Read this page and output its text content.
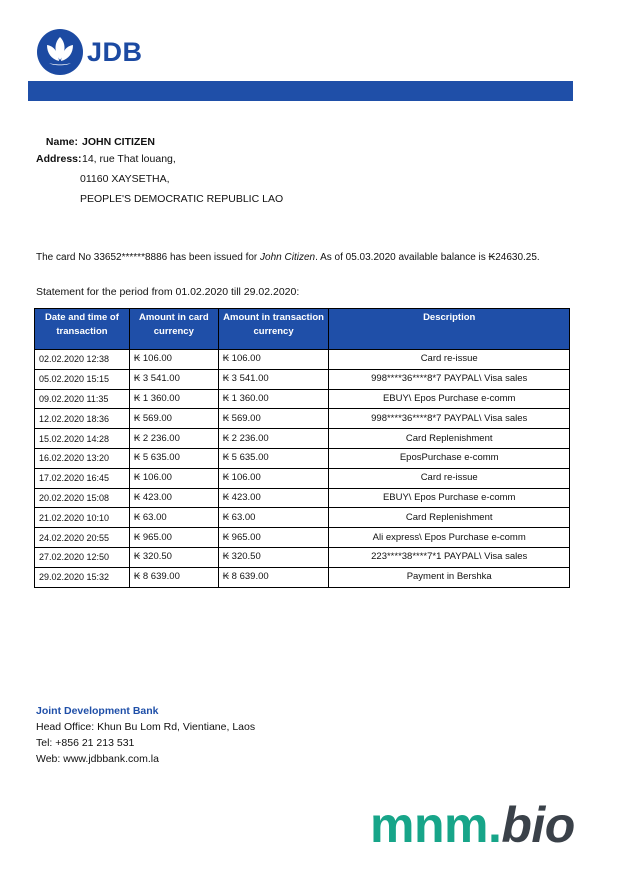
JDB
Name: JOHN CITIZEN
Address: 14, rue That louang,
01160 XAYSETHA,
PEOPLE'S DEMOCRATIC REPUBLIC LAO
The card No 33652******8886 has been issued for John Citizen. As of 05.03.2020 available balance is ₭24630.25.
Statement for the period from 01.02.2020 till 29.02.2020:
Date and time of transaction	Amount in card currency	Amount in transaction currency	Description
02.02.2020 12:38	₭ 106.00	₭ 106.00	Card re-issue
05.02.2020 15:15	₭ 3 541.00	₭ 3 541.00	998****36****8*7 PAYPAL\ Visa sales
09.02.2020 11:35	₭ 1 360.00	₭ 1 360.00	EBUY\ Epos Purchase e-comm
12.02.2020 18:36	₭ 569.00	₭ 569.00	998****36****8*7 PAYPAL\ Visa sales
15.02.2020 14:28	₭ 2 236.00	₭ 2 236.00	Card Replenishment
16.02.2020 13:20	₭ 5 635.00	₭ 5 635.00	EposPurchase e-comm
17.02.2020 16:45	₭ 106.00	₭ 106.00	Card re-issue
20.02.2020 15:08	₭ 423.00	₭ 423.00	EBUY\ Epos Purchase e-comm
21.02.2020 10:10	₭ 63.00	₭ 63.00	Card Replenishment
24.02.2020 20:55	₭ 965.00	₭ 965.00	Ali express\ Epos Purchase e-comm
27.02.2020 12:50	₭ 320.50	₭ 320.50	223****38****7*1 PAYPAL\ Visa sales
29.02.2020 15:32	₭ 8 639.00	₭ 8 639.00	Payment in Bershka
Joint Development Bank
Head Office: Khun Bu Lom Rd, Vientiane, Laos
Tel: +856 21 213 531
Web: www.jdbbank.com.la
mnm.bio
